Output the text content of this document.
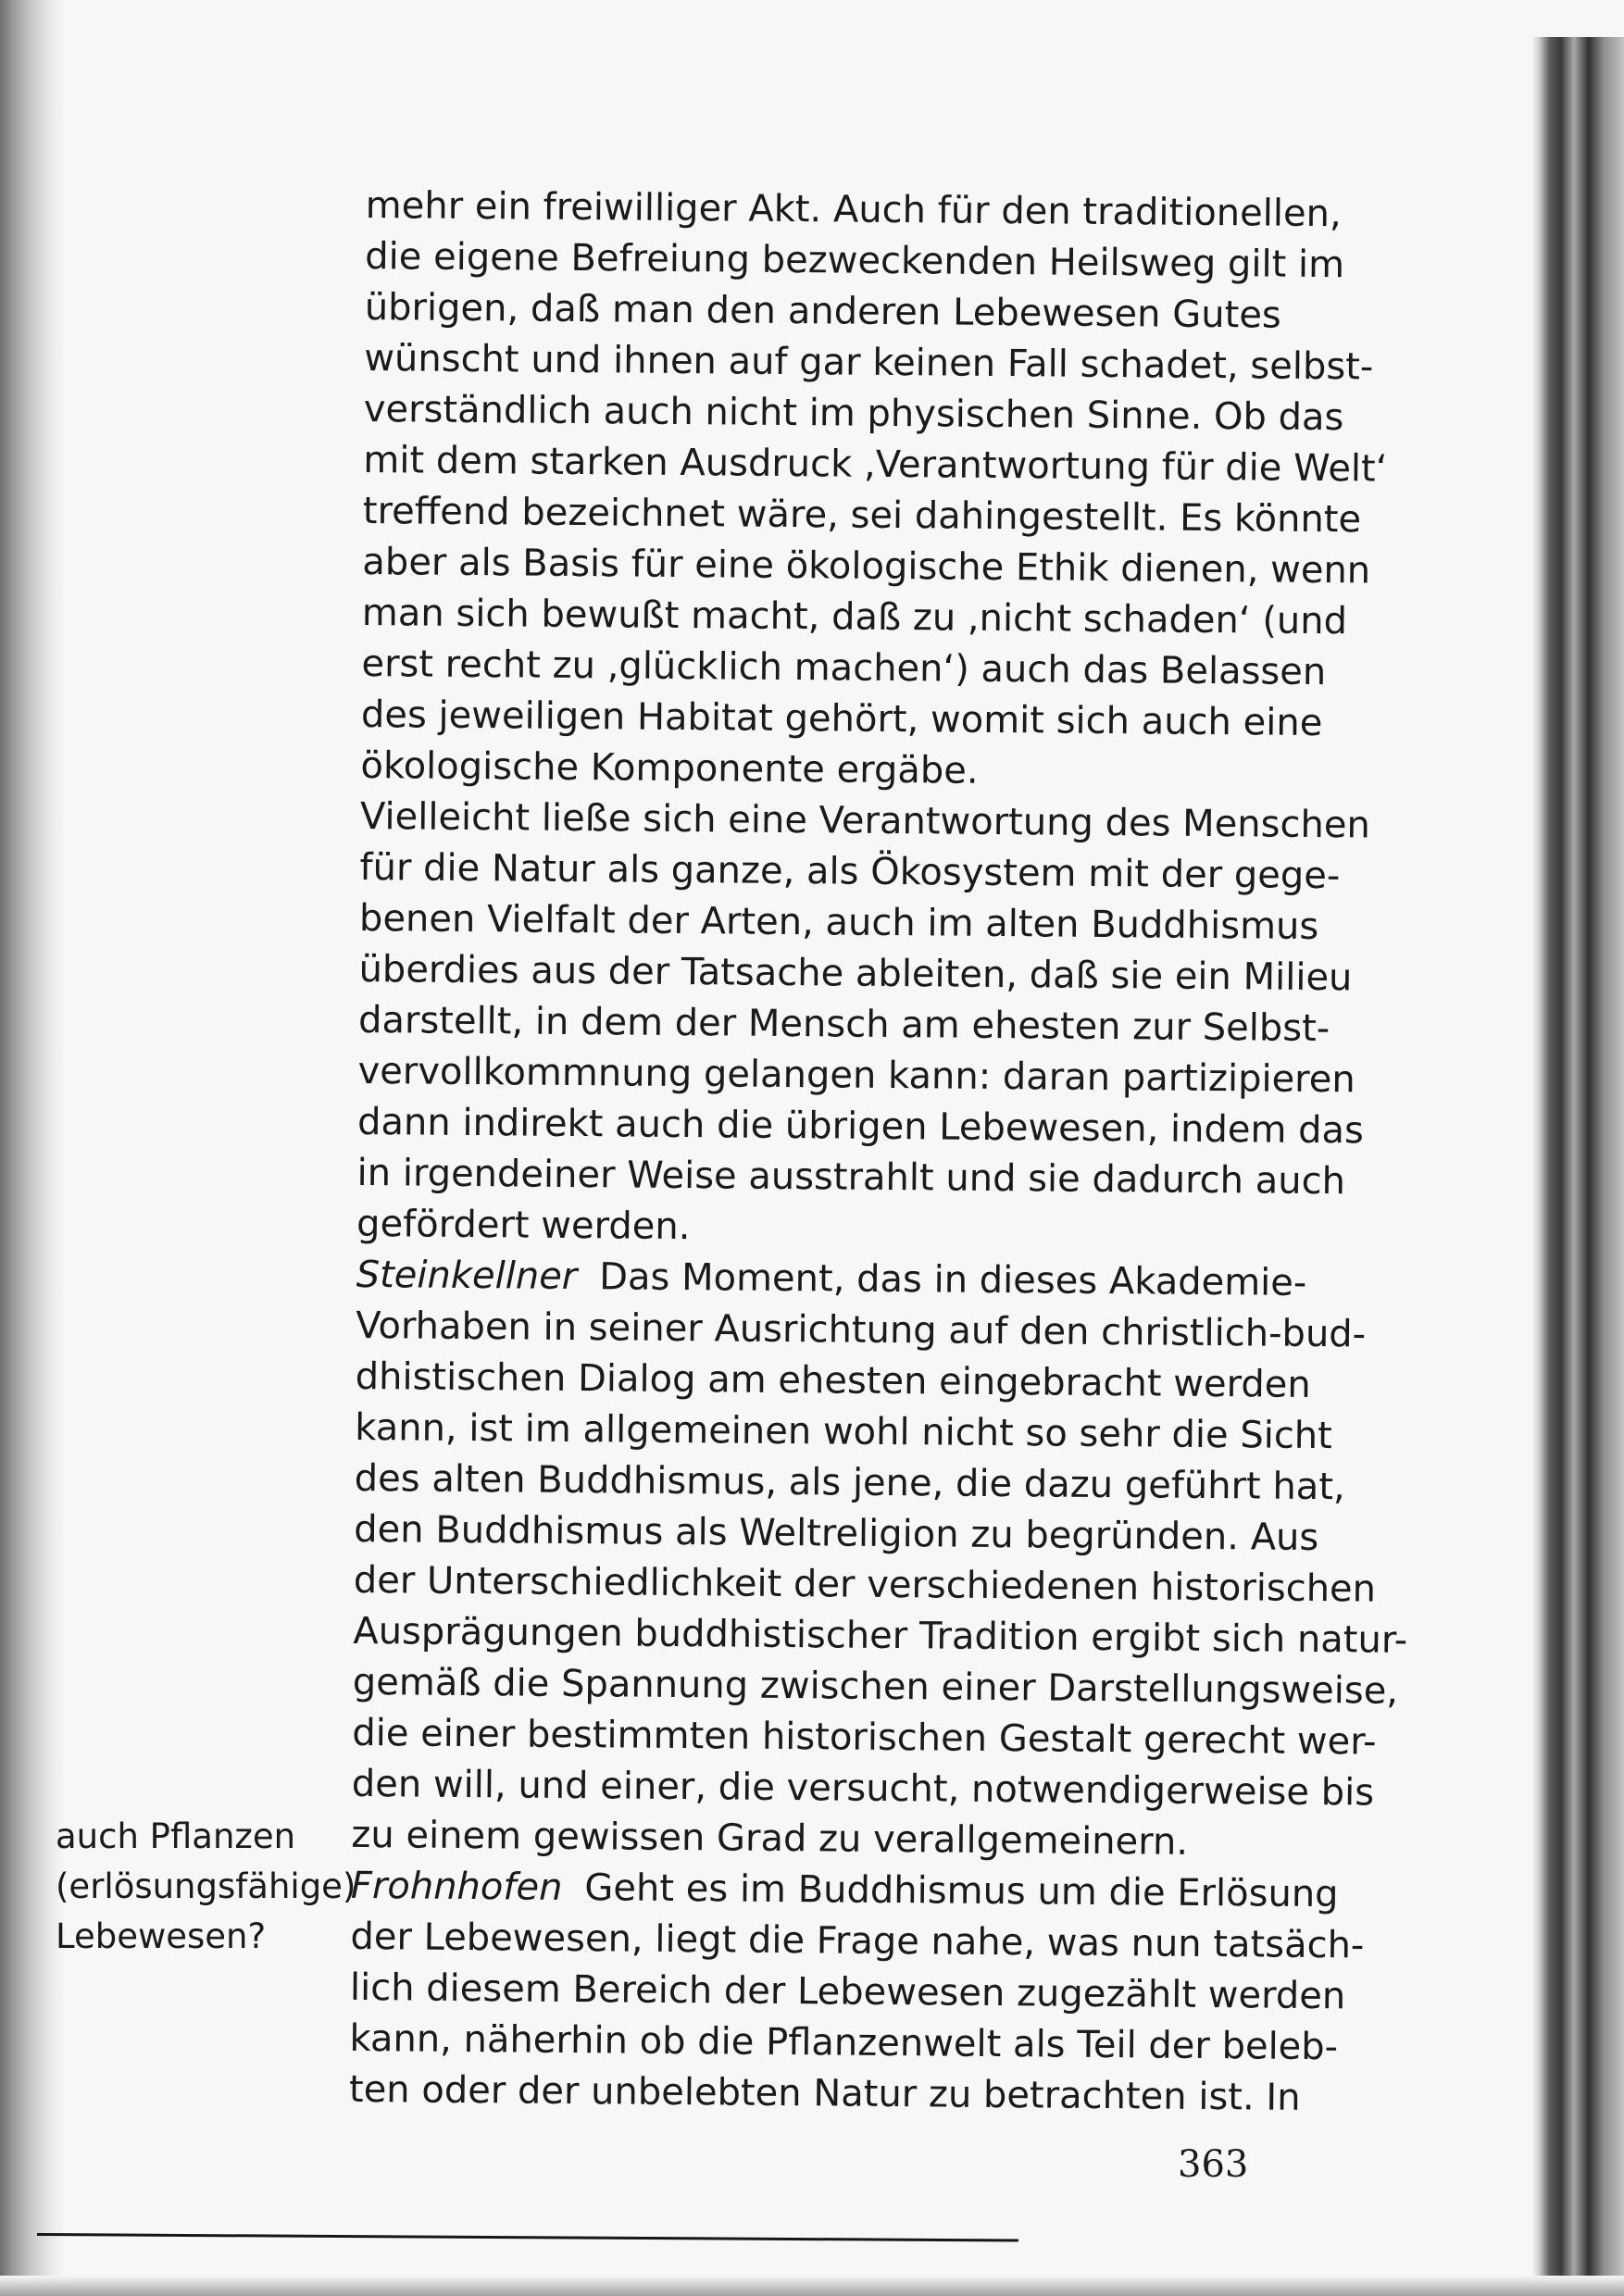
mehr ein freiwilliger Akt. Auch für den traditionellen,
die eigene Befreiung bezweckenden Heilsweg gilt im
übrigen, daß man den anderen Lebewesen Gutes
wünscht und ihnen auf gar keinen Fall schadet, selbst-
verständlich auch nicht im physischen Sinne. Ob das
mit dem starken Ausdruck ,Verantwortung für die Welt‘
treffend bezeichnet wäre, sei dahingestellt. Es könnte
aber als Basis für eine ökologische Ethik dienen, wenn
man sich bewußt macht, daß zu ,nicht schaden‘ (und
erst recht zu ,glücklich machen‘) auch das Belassen
des jeweiligen Habitat gehört, womit sich auch eine
ökologische Komponente ergäbe.
Vielleicht ließe sich eine Verantwortung des Menschen
für die Natur als ganze, als Ökosystem mit der gege-
benen Vielfalt der Arten, auch im alten Buddhismus
überdies aus der Tatsache ableiten, daß sie ein Milieu
darstellt, in dem der Mensch am ehesten zur Selbst-
vervollkommnung gelangen kann: daran partizipieren
dann indirekt auch die übrigen Lebewesen, indem das
in irgendeiner Weise ausstrahlt und sie dadurch auch
gefördert werden.
Steinkellner Das Moment, das in dieses Akademie-
Vorhaben in seiner Ausrichtung auf den christlich-bud-
dhistischen Dialog am ehesten eingebracht werden
kann, ist im allgemeinen wohl nicht so sehr die Sicht
des alten Buddhismus, als jene, die dazu geführt hat,
den Buddhismus als Weltreligion zu begründen. Aus
der Unterschiedlichkeit der verschiedenen historischen
Ausprägungen buddhistischer Tradition ergibt sich natur-
gemäß die Spannung zwischen einer Darstellungsweise,
die einer bestimmten historischen Gestalt gerecht wer-
den will, und einer, die versucht, notwendigerweise bis
zu einem gewissen Grad zu verallgemeinern.
Frohnhofen Geht es im Buddhismus um die Erlösung
der Lebewesen, liegt die Frage nahe, was nun tatsäch-
lich diesem Bereich der Lebewesen zugezählt werden
kann, näherhin ob die Pflanzenwelt als Teil der beleb-
ten oder der unbelebten Natur zu betrachten ist. In
auch Pflanzen
(erlösungsfähige)
Lebewesen?
363
